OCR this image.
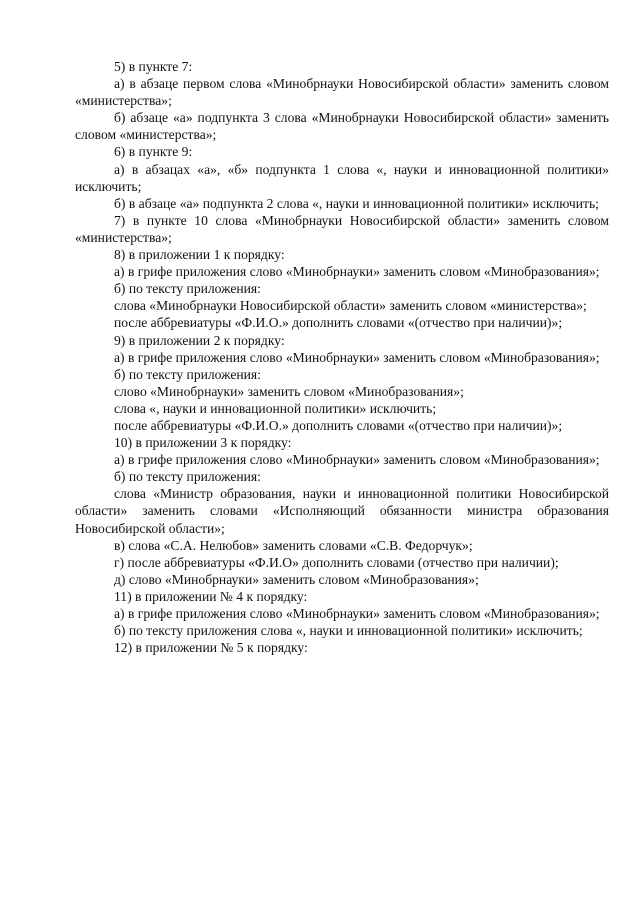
5) в пункте 7:

а) в абзаце первом слова «Минобрнауки Новосибирской области» заменить словом «министерства»;

б) абзаце «а» подпункта 3 слова «Минобрнауки Новосибирской области» заменить словом «министерства»;

6) в пункте 9:

а) в абзацах «а», «б» подпункта 1 слова «, науки и инновационной политики» исключить;

б) в абзаце «а» подпункта 2 слова «, науки и инновационной политики» исключить;

7) в пункте 10 слова «Минобрнауки Новосибирской области» заменить словом «министерства»;

8) в приложении 1 к порядку:

а) в грифе приложения слово «Минобрнауки» заменить словом «Минобразования»;

б) по тексту приложения:

слова «Минобрнауки Новосибирской области» заменить словом «министерства»;

после аббревиатуры «Ф.И.О.» дополнить словами «(отчество при наличии)»;

9) в приложении 2 к порядку:

а) в грифе приложения слово «Минобрнауки» заменить словом «Минобразования»;

б) по тексту приложения:

слово «Минобрнауки» заменить словом «Минобразования»;

слова «, науки и инновационной политики» исключить;

после аббревиатуры «Ф.И.О.» дополнить словами «(отчество при наличии)»;

10) в приложении 3 к порядку:

а) в грифе приложения слово «Минобрнауки» заменить словом «Минобразования»;

б) по тексту приложения:

слова «Министр образования, науки и инновационной политики Новосибирской области» заменить словами «Исполняющий обязанности министра образования Новосибирской области»;

в) слова «С.А. Нелюбов» заменить словами «С.В. Федорчук»;

г) после аббревиатуры «Ф.И.О» дополнить словами (отчество при наличии);

д) слово «Минобрнауки» заменить словом «Минобразования»;

11) в приложении № 4 к порядку:

а) в грифе приложения слово «Минобрнауки» заменить словом «Минобразования»;

б) по тексту приложения слова «, науки и инновационной политики» исключить;

12) в приложении № 5 к порядку:
